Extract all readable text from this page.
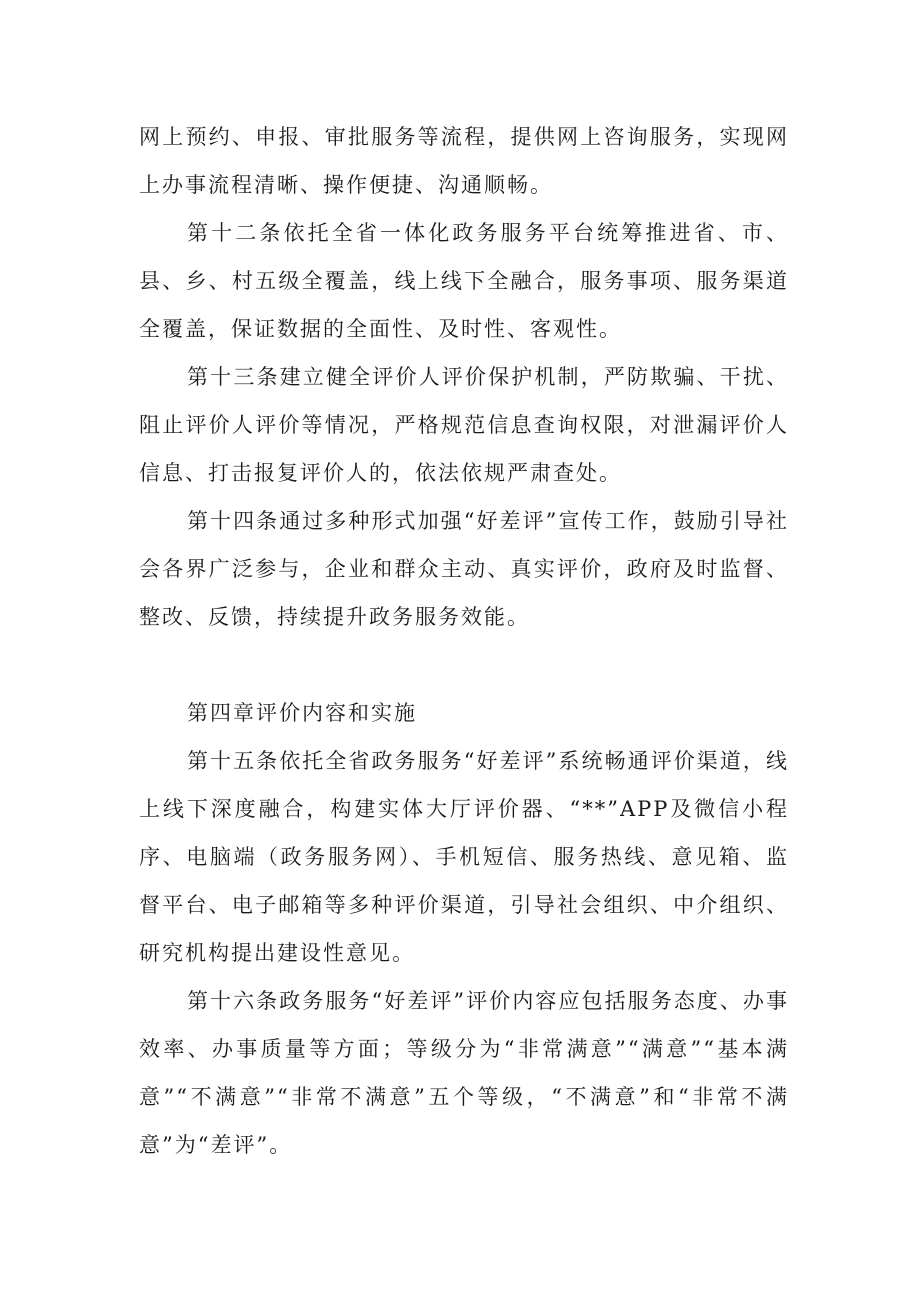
网上预约、申报、审批服务等流程，提供网上咨询服务，实现网上办事流程清晰、操作便捷、沟通顺畅。

第十二条依托全省一体化政务服务平台统筹推进省、市、县、乡、村五级全覆盖，线上线下全融合，服务事项、服务渠道全覆盖，保证数据的全面性、及时性、客观性。

第十三条建立健全评价人评价保护机制，严防欺骗、干扰、阻止评价人评价等情况，严格规范信息查询权限，对泄漏评价人信息、打击报复评价人的，依法依规严肃查处。

第十四条通过多种形式加强“好差评”宣传工作，鼓励引导社会各界广泛参与，企业和群众主动、真实评价，政府及时监督、整改、反馈，持续提升政务服务效能。

第四章评价内容和实施

第十五条依托全省政务服务“好差评”系统畅通评价渠道，线上线下深度融合，构建实体大厅评价器、“**”APP及微信小程序、电脑端（政务服务网）、手机短信、服务热线、意见箱、监督平台、电子邮箱等多种评价渠道，引导社会组织、中介组织、研究机构提出建设性意见。

第十六条政务服务“好差评”评价内容应包括服务态度、办事效率、办事质量等方面；等级分为“非常满意”“满意”“基本满意”“不满意”“非常不满意”五个等级，“不满意”和“非常不满意”为“差评”。
